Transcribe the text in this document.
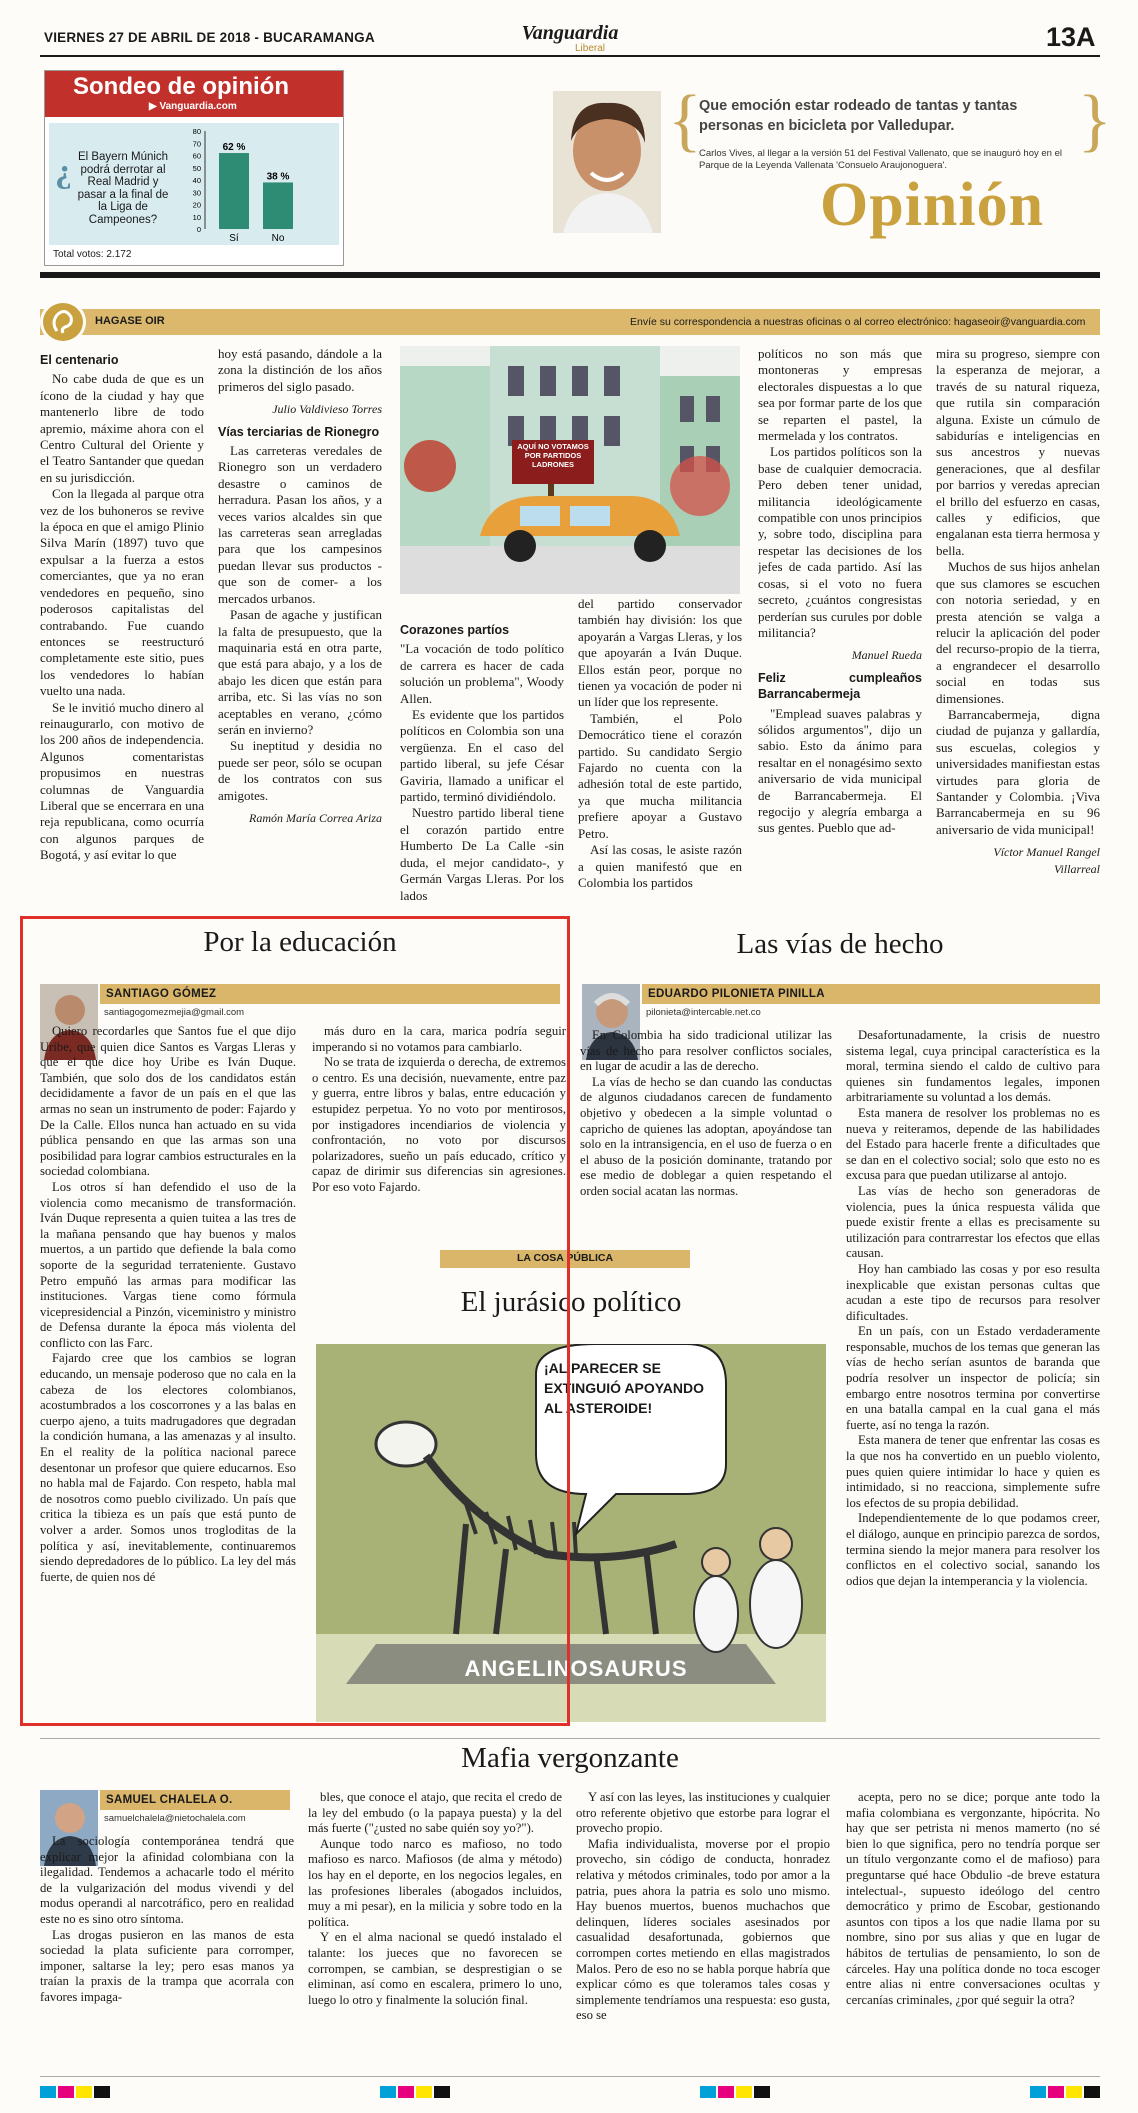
VIERNES 27 DE ABRIL DE 2018 - BUCARAMANGA	Vanguardia
Liberal	13A
Sondeo de opinión
▶ Vanguardia.com
¿ El Bayern Múnich podrá derrotar al Real Madrid y pasar a la final de la Liga de Campeones?
0
10
20
30
40
50
60
70
80
62 %
Sí
38 %
No
Total votos: 2.172
{	}
Que emoción estar rodeado de tantas y tantas personas en bicicleta por Valledupar.
Carlos Vives, al llegar a la versión 51 del Festival Vallenato, que se inauguró hoy en el Parque de la Leyenda Vallenata 'Consuelo Araujonoguera'.
Opinión
HAGASE OIR	Envíe su correspondencia a nuestras oficinas o al correo electrónico: hagaseoir@vanguardia.com

El centenario

No cabe duda de que es un ícono de la ciudad y hay que mantenerlo libre de todo apremio, máxime ahora con el Centro Cultural del Oriente y el Teatro Santander que quedan en su jurisdicción.

Con la llegada al parque otra vez de los buhoneros se revive la época en que el amigo Plinio Silva Marín (1897) tuvo que expulsar a la fuerza a estos comerciantes, que ya no eran vendedores en pequeño, sino poderosos capitalistas del contrabando. Fue cuando entonces se reestructuró completamente este sitio, pues los vendedores lo habían vuelto una nada.

Se le invitió mucho dinero al reinaugurarlo, con motivo de los 200 años de independencia. Algunos comentaristas propusimos en nuestras columnas de Vanguardia Liberal que se encerrara en una reja republicana, como ocurría con algunos parques de Bogotá, y así evitar lo que

hoy está pasando, dándole a la zona la distinción de los años primeros del siglo pasado.

Julio Valdivieso Torres

Vías terciarias de Rionegro

Las carreteras veredales de Rionegro son un verdadero desastre o caminos de herradura. Pasan los años, y a veces varios alcaldes sin que las carreteras sean arregladas para que los campesinos puedan llevar sus productos -que son de comer- a los mercados urbanos.

Pasan de agache y justifican la falta de presupuesto, que la maquinaria está en otra parte, que está para abajo, y a los de abajo les dicen que están para arriba, etc. Si las vías no son aceptables en verano, ¿cómo serán en invierno?

Su ineptitud y desidia no puede ser peor, sólo se ocupan de los contratos con sus amigotes.

Ramón María Correa Ariza

AQUÍ NO VOTAMOS POR PARTIDOS LADRONES

Corazones partíos

"La vocación de todo político de carrera es hacer de cada solución un problema", Woody Allen.

Es evidente que los partidos políticos en Colombia son una vergüenza. En el caso del partido liberal, su jefe César Gaviria, llamado a unificar el partido, terminó dividiéndolo.

Nuestro partido liberal tiene el corazón partido entre Humberto De La Calle -sin duda, el mejor candidato-, y Germán Vargas Lleras. Por los lados

del partido conservador también hay división: los que apoyarán a Vargas Lleras, y los que apoyarán a Iván Duque. Ellos están peor, porque no tienen ya vocación de poder ni un líder que los represente.

También, el Polo Democrático tiene el corazón partido. Su candidato Sergio Fajardo no cuenta con la adhesión total de este partido, ya que mucha militancia prefiere apoyar a Gustavo Petro.

Así las cosas, le asiste razón a quien manifestó que en Colombia los partidos

políticos no son más que montoneras y empresas electorales dispuestas a lo que sea por formar parte de los que se reparten el pastel, la mermelada y los contratos.

Los partidos políticos son la base de cualquier democracia. Pero deben tener unidad, militancia ideológicamente compatible con unos principios y, sobre todo, disciplina para respetar las decisiones de los jefes de cada partido. Así las cosas, si el voto no fuera secreto, ¿cuántos congresistas perderían sus curules por doble militancia?

Manuel Rueda

Feliz cumpleaños Barrancabermeja

"Emplead suaves palabras y sólidos argumentos", dijo un sabio. Esto da ánimo para resaltar en el nonagésimo sexto aniversario de vida municipal de Barrancabermeja. El regocijo y alegría embarga a sus gentes. Pueblo que ad-

mira su progreso, siempre con la esperanza de mejorar, a través de su natural riqueza, que rutila sin comparación alguna. Existe un cúmulo de sabidurías e inteligencias en sus ancestros y nuevas generaciones, que al desfilar por barrios y veredas aprecian el brillo del esfuerzo en casas, calles y edificios, que engalanan esta tierra hermosa y bella.

Muchos de sus hijos anhelan que sus clamores se escuchen con notoria seriedad, y en presta atención se valga a relucir la aplicación del poder del recurso-propio de la tierra, a engrandecer el desarrollo social en todas sus dimensiones.

Barrancabermeja, digna ciudad de pujanza y gallardía, sus escuelas, colegios y universidades manifiestan estas virtudes para gloria de Santander y Colombia. ¡Viva Barrancabermeja en su 96 aniversario de vida municipal!

Víctor Manuel Rangel Villarreal

Por la educación
SANTIAGO GÓMEZ
santiagogomezmejia@gmail.com

Quiero recordarles que Santos fue el que dijo Uribe, que quien dice Santos es Vargas Lleras y que el que dice hoy Uribe es Iván Duque. También, que solo dos de los candidatos están decididamente a favor de un país en el que las armas no sean un instrumento de poder: Fajardo y De la Calle. Ellos nunca han actuado en su vida pública pensando en que las armas son una posibilidad para lograr cambios estructurales en la sociedad colombiana.

Los otros sí han defendido el uso de la violencia como mecanismo de transformación. Iván Duque representa a quien tuitea a las tres de la mañana pensando que hay buenos y malos muertos, a un partido que defiende la bala como soporte de la seguridad terrateniente. Gustavo Petro empuñó las armas para modificar las instituciones. Vargas tiene como fórmula vicepresidencial a Pinzón, viceministro y ministro de Defensa durante la época más violenta del conflicto con las Farc.

Fajardo cree que los cambios se logran educando, un mensaje poderoso que no cala en la cabeza de los electores colombianos, acostumbrados a los coscorrones y a las balas en cuerpo ajeno, a tuits madrugadores que degradan la condición humana, a las amenazas y al insulto. En el reality de la política nacional parece desentonar un profesor que quiere educarnos. Eso no habla mal de Fajardo. Con respeto, habla mal de nosotros como pueblo civilizado. Un país que critica la tibieza es un país que está punto de volver a arder. Somos unos trogloditas de la política y así, inevitablemente, continuaremos siendo depredadores de lo público. La ley del más fuerte, de quien nos dé

más duro en la cara, marica podría seguir imperando si no votamos para cambiarlo.

No se trata de izquierda o derecha, de extremos o centro. Es una decisión, nuevamente, entre paz y guerra, entre libros y balas, entre educación y estupidez perpetua. Yo no voto por mentirosos, por instigadores incendiarios de violencia y confrontación, no voto por discursos polarizadores, sueño un país educado, crítico y capaz de dirimir sus diferencias sin agresiones. Por eso voto Fajardo.

Las vías de hecho
EDUARDO PILONIETA PINILLA
pilonieta@intercable.net.co

En Colombia ha sido tradicional utilizar las vías de hecho para resolver conflictos sociales, en lugar de acudir a las de derecho.

La vías de hecho se dan cuando las conductas de algunos ciudadanos carecen de fundamento objetivo y obedecen a la simple voluntad o capricho de quienes las adoptan, apoyándose tan solo en la intransigencia, en el uso de fuerza o en el abuso de la posición dominante, tratando por ese medio de doblegar a quien respetando el orden social acatan las normas.

Desafortunadamente, la crisis de nuestro sistema legal, cuya principal característica es la moral, termina siendo el caldo de cultivo para quienes sin fundamentos legales, imponen arbitrariamente su voluntad a los demás.

Esta manera de resolver los problemas no es nueva y reiteramos, depende de las habilidades del Estado para hacerle frente a dificultades que se dan en el colectivo social; solo que esto no es excusa para que puedan utilizarse al antojo.

Las vías de hecho son generadoras de violencia, pues la única respuesta válida que puede existir frente a ellas es precisamente su utilización para contrarrestar los efectos que ellas causan.

Hoy han cambiado las cosas y por eso resulta inexplicable que existan personas cultas que acudan a este tipo de recursos para resolver dificultades.

En un país, con un Estado verdaderamente responsable, muchos de los temas que generan las vías de hecho serían asuntos de baranda que podría resolver un inspector de policía; sin embargo entre nosotros termina por convertirse en una batalla campal en la cual gana el más fuerte, así no tenga la razón.

Esta manera de tener que enfrentar las cosas es la que nos ha convertido en un pueblo violento, pues quien quiere intimidar lo hace y quien es intimidado, si no reacciona, simplemente sufre los efectos de su propia debilidad.

Independientemente de lo que podamos creer, el diálogo, aunque en principio parezca de sordos, termina siendo la mejor manera para resolver los conflictos en el colectivo social, sanando los odios que dejan la intemperancia y la violencia.

LA COSA PÚBLICA
El jurásico político
¡AL PARECER SE EXTINGUIÓ APOYANDO AL ASTEROIDE!
ANGELINOSAURUS
Mafia vergonzante
SAMUEL CHALELA O.
samuelchalela@nietochalela.com

La sociología contemporánea tendrá que explicar mejor la afinidad colombiana con la ilegalidad. Tendemos a achacarle todo el mérito de la vulgarización del modus vivendi y del modus operandi al narcotráfico, pero en realidad este no es sino otro síntoma.

Las drogas pusieron en las manos de esta sociedad la plata suficiente para corromper, imponer, saltarse la ley; pero esas manos ya traían la praxis de la trampa que acorrala con favores impaga-

bles, que conoce el atajo, que recita el credo de la ley del embudo (o la papaya puesta) y la del más fuerte ("¿usted no sabe quién soy yo?").

Aunque todo narco es mafioso, no todo mafioso es narco. Mafiosos (de alma y método) los hay en el deporte, en los negocios legales, en las profesiones liberales (abogados incluidos, muy a mi pesar), en la milicia y sobre todo en la política.

Y en el alma nacional se quedó instalado el talante: los jueces que no favorecen se corrompen, se cambian, se desprestigian o se eliminan, así como en escalera, primero lo uno, luego lo otro y finalmente la solución final.

Y así con las leyes, las instituciones y cualquier otro referente objetivo que estorbe para lograr el provecho propio.

Mafia individualista, moverse por el propio provecho, sin código de conducta, honradez relativa y métodos criminales, todo por amor a la patria, pues ahora la patria es solo uno mismo. Hay buenos muertos, buenos muchachos que delinquen, líderes sociales asesinados por casualidad desafortunada, gobiernos que corrompen cortes metiendo en ellas magistrados Malos. Pero de eso no se habla porque habría que explicar cómo es que toleramos tales cosas y simplemente tendríamos una respuesta: eso gusta, eso se

acepta, pero no se dice; porque ante todo la mafia colombiana es vergonzante, hipócrita. No hay que ser petrista ni menos mamerto (no sé bien lo que significa, pero no tendría porque ser un título vergonzante como el de mafioso) para preguntarse qué hace Obdulio -de breve estatura intelectual-, supuesto ideólogo del centro democrático y primo de Escobar, gestionando asuntos con tipos a los que nadie llama por su nombre, sino por sus alias y que en lugar de hábitos de tertulias de pensamiento, lo son de cárceles. Hay una política donde no toca escoger entre alias ni entre conversaciones ocultas y cercanías criminales, ¿por qué seguir la otra?
